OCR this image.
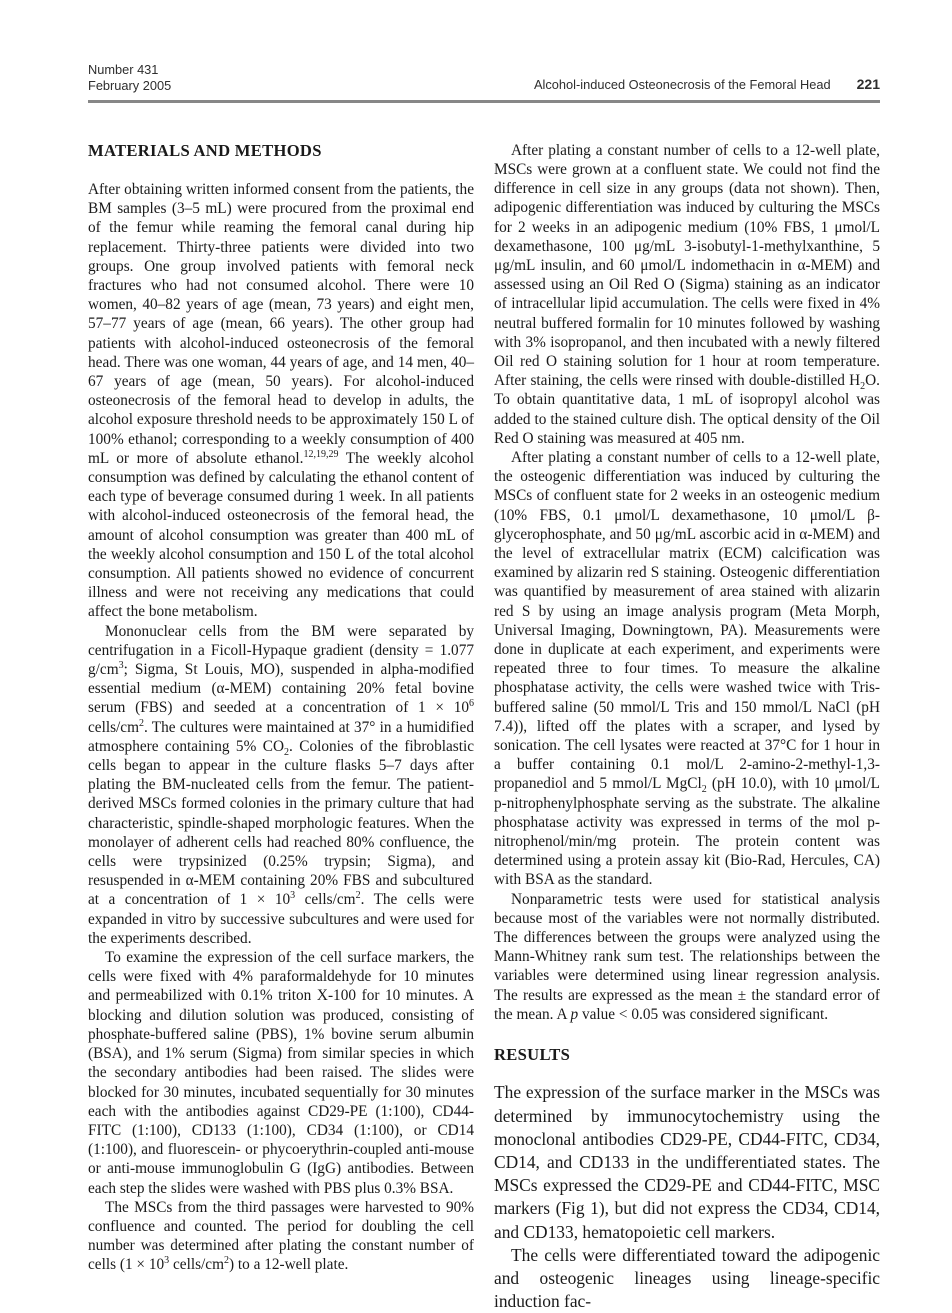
Number 431
February 2005	Alcohol-induced Osteonecrosis of the Femoral Head 221
MATERIALS AND METHODS

After obtaining written informed consent from the patients, the BM samples (3–5 mL) were procured from the proximal end of the femur while reaming the femoral canal during hip replacement. Thirty-three patients were divided into two groups. One group involved patients with femoral neck fractures who had not consumed alcohol. There were 10 women, 40–82 years of age (mean, 73 years) and eight men, 57–77 years of age (mean, 66 years). The other group had patients with alcohol-induced osteonecrosis of the femoral head. There was one woman, 44 years of age, and 14 men, 40–67 years of age (mean, 50 years). For alcohol-induced osteonecrosis of the femoral head to develop in adults, the alcohol exposure threshold needs to be approximately 150 L of 100% ethanol; corresponding to a weekly consumption of 400 mL or more of absolute ethanol.$^{12,19,29}$ The weekly alcohol consumption was defined by calculating the ethanol content of each type of beverage consumed during 1 week. In all patients with alcohol-induced osteonecrosis of the femoral head, the amount of alcohol consumption was greater than 400 mL of the weekly alcohol consumption and 150 L of the total alcohol consumption. All patients showed no evidence of concurrent illness and were not receiving any medications that could affect the bone metabolism.

Mononuclear cells from the BM were separated by centrifugation in a Ficoll-Hypaque gradient (density = 1.077 $g/cm^3$; Sigma, St Louis, MO), suspended in alpha-modified essential medium (α-MEM) containing 20% fetal bovine serum (FBS) and seeded at a concentration of $1 \times 10^6$ cells/$cm^2$. The cultures were maintained at 37° in a humidified atmosphere containing 5% $CO_2$. Colonies of the fibroblastic cells began to appear in the culture flasks 5–7 days after plating the BM-nucleated cells from the femur. The patient-derived MSCs formed colonies in the primary culture that had characteristic, spindle-shaped morphologic features. When the monolayer of adherent cells had reached 80% confluence, the cells were trypsinized (0.25% trypsin; Sigma), and resuspended in α-MEM containing 20% FBS and subcultured at a concentration of $1 \times 10^3$ cells/$cm^2$. The cells were expanded in vitro by successive subcultures and were used for the experiments described.

To examine the expression of the cell surface markers, the cells were fixed with 4% paraformaldehyde for 10 minutes and permeabilized with 0.1% triton X-100 for 10 minutes. A blocking and dilution solution was produced, consisting of phosphate-buffered saline (PBS), 1% bovine serum albumin (BSA), and 1% serum (Sigma) from similar species in which the secondary antibodies had been raised. The slides were blocked for 30 minutes, incubated sequentially for 30 minutes each with the antibodies against CD29-PE (1:100), CD44-FITC (1:100), CD133 (1:100), CD34 (1:100), or CD14 (1:100), and fluorescein- or phycoerythrin-coupled anti-mouse or anti-mouse immunoglobulin G (IgG) antibodies. Between each step the slides were washed with PBS plus 0.3% BSA.

The MSCs from the third passages were harvested to 90% confluence and counted. The period for doubling the cell number was determined after plating the constant number of cells ($1 \times 10^3$ cells/$cm^2$) to a 12-well plate.

After plating a constant number of cells to a 12-well plate, MSCs were grown at a confluent state. We could not find the difference in cell size in any groups (data not shown). Then, adipogenic differentiation was induced by culturing the MSCs for 2 weeks in an adipogenic medium (10% FBS, 1 μmol/L dexamethasone, 100 μg/mL 3-isobutyl-1-methylxanthine, 5 μg/mL insulin, and 60 μmol/L indomethacin in α-MEM) and assessed using an Oil Red O (Sigma) staining as an indicator of intracellular lipid accumulation. The cells were fixed in 4% neutral buffered formalin for 10 minutes followed by washing with 3% isopropanol, and then incubated with a newly filtered Oil red O staining solution for 1 hour at room temperature. After staining, the cells were rinsed with double-distilled $H_2O$. To obtain quantitative data, 1 mL of isopropyl alcohol was added to the stained culture dish. The optical density of the Oil Red O staining was measured at 405 nm.

After plating a constant number of cells to a 12-well plate, the osteogenic differentiation was induced by culturing the MSCs of confluent state for 2 weeks in an osteogenic medium (10% FBS, 0.1 μmol/L dexamethasone, 10 μmol/L β-glycerophosphate, and 50 μg/mL ascorbic acid in α-MEM) and the level of extracellular matrix (ECM) calcification was examined by alizarin red S staining. Osteogenic differentiation was quantified by measurement of area stained with alizarin red S by using an image analysis program (Meta Morph, Universal Imaging, Downingtown, PA). Measurements were done in duplicate at each experiment, and experiments were repeated three to four times. To measure the alkaline phosphatase activity, the cells were washed twice with Tris-buffered saline (50 mmol/L Tris and 150 mmol/L NaCl (pH 7.4)), lifted off the plates with a scraper, and lysed by sonication. The cell lysates were reacted at 37°C for 1 hour in a buffer containing 0.1 mol/L 2-amino-2-methyl-1,3-propanediol and 5 mmol/L MgCl$_2$ (pH 10.0), with 10 μmol/L p-nitrophenylphosphate serving as the substrate. The alkaline phosphatase activity was expressed in terms of the mol p-nitrophenol/min/mg protein. The protein content was determined using a protein assay kit (Bio-Rad, Hercules, CA) with BSA as the standard.

Nonparametric tests were used for statistical analysis because most of the variables were not normally distributed. The differences between the groups were analyzed using the Mann-Whitney rank sum test. The relationships between the variables were determined using linear regression analysis. The results are expressed as the mean ± the standard error of the mean. A p value < 0.05 was considered significant.

RESULTS

The expression of the surface marker in the MSCs was determined by immunocytochemistry using the monoclonal antibodies CD29-PE, CD44-FITC, CD34, CD14, and CD133 in the undifferentiated states. The MSCs expressed the CD29-PE and CD44-FITC, MSC markers (Fig 1), but did not express the CD34, CD14, and CD133, hematopoietic cell markers.

The cells were differentiated toward the adipogenic and osteogenic lineages using lineage-specific induction fac-
